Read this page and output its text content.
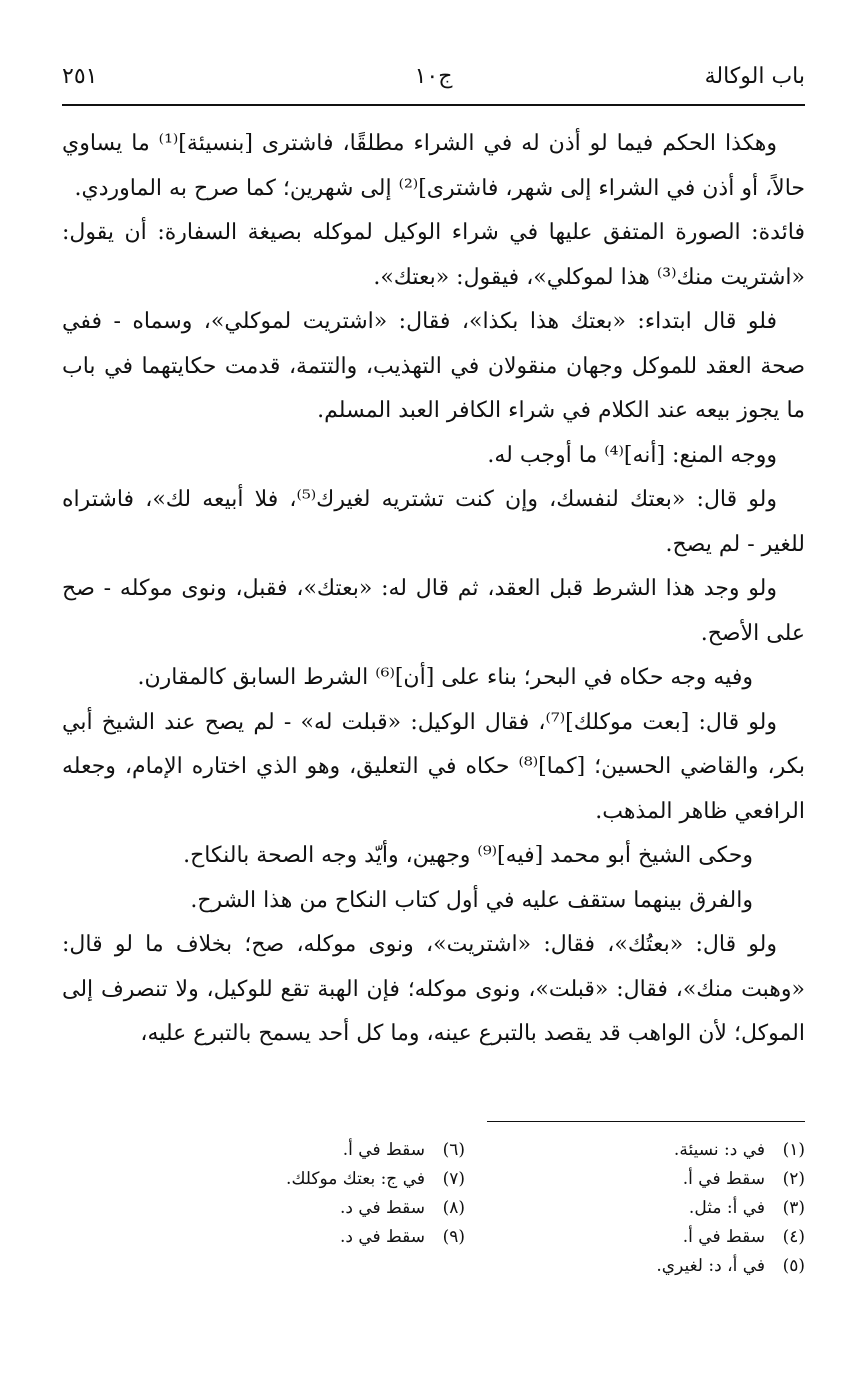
باب الوكالة
ج١٠
٢٥١

وهكذا الحكم فيما لو أذن له في الشراء مطلقًا، فاشترى [بنسيئة]⁽¹⁾ ما يساوي حالاً، أو أذن في الشراء إلى شهر، فاشترى]⁽²⁾ إلى شهرين؛ كما صرح به الماوردي.

فائدة: الصورة المتفق عليها في شراء الوكيل لموكله بصيغة السفارة: أن يقول: «اشتريت منك⁽³⁾ هذا لموكلي»، فيقول: «بعتك».

فلو قال ابتداء: «بعتك هذا بكذا»، فقال: «اشتريت لموكلي»، وسماه - ففي صحة العقد للموكل وجهان منقولان في التهذيب، والتتمة، قدمت حكايتهما في باب ما يجوز بيعه عند الكلام في شراء الكافر العبد المسلم.

ووجه المنع: [أنه]⁽⁴⁾ ما أوجب له.

ولو قال: «بعتك لنفسك، وإن كنت تشتريه لغيرك⁽⁵⁾، فلا أبيعه لك»، فاشتراه للغير - لم يصح.

ولو وجد هذا الشرط قبل العقد، ثم قال له: «بعتك»، فقبل، ونوى موكله - صح على الأصح.

وفيه وجه حكاه في البحر؛ بناء على [أن]⁽⁶⁾ الشرط السابق كالمقارن.

ولو قال: [بعت موكلك]⁽⁷⁾، فقال الوكيل: «قبلت له» - لم يصح عند الشيخ أبي بكر، والقاضي الحسين؛ [كما]⁽⁸⁾ حكاه في التعليق، وهو الذي اختاره الإمام، وجعله الرافعي ظاهر المذهب.

وحكى الشيخ أبو محمد [فيه]⁽⁹⁾ وجهين، وأيّد وجه الصحة بالنكاح.

والفرق بينهما ستقف عليه في أول كتاب النكاح من هذا الشرح.

ولو قال: «بعتُك»، فقال: «اشتريت»، ونوى موكله، صح؛ بخلاف ما لو قال: «وهبت منك»، فقال: «قبلت»، ونوى موكله؛ فإن الهبة تقع للوكيل، ولا تنصرف إلى الموكل؛ لأن الواهب قد يقصد بالتبرع عينه، وما كل أحد يسمح بالتبرع عليه،

(١)في د: نسيئة.
(٢)سقط في أ.
(٣)في أ: مثل.
(٤)سقط في أ.
(٥)في أ، د: لغيري.
(٦)سقط في أ.
(٧)في ج: بعتك موكلك.
(٨)سقط في د.
(٩)سقط في د.
